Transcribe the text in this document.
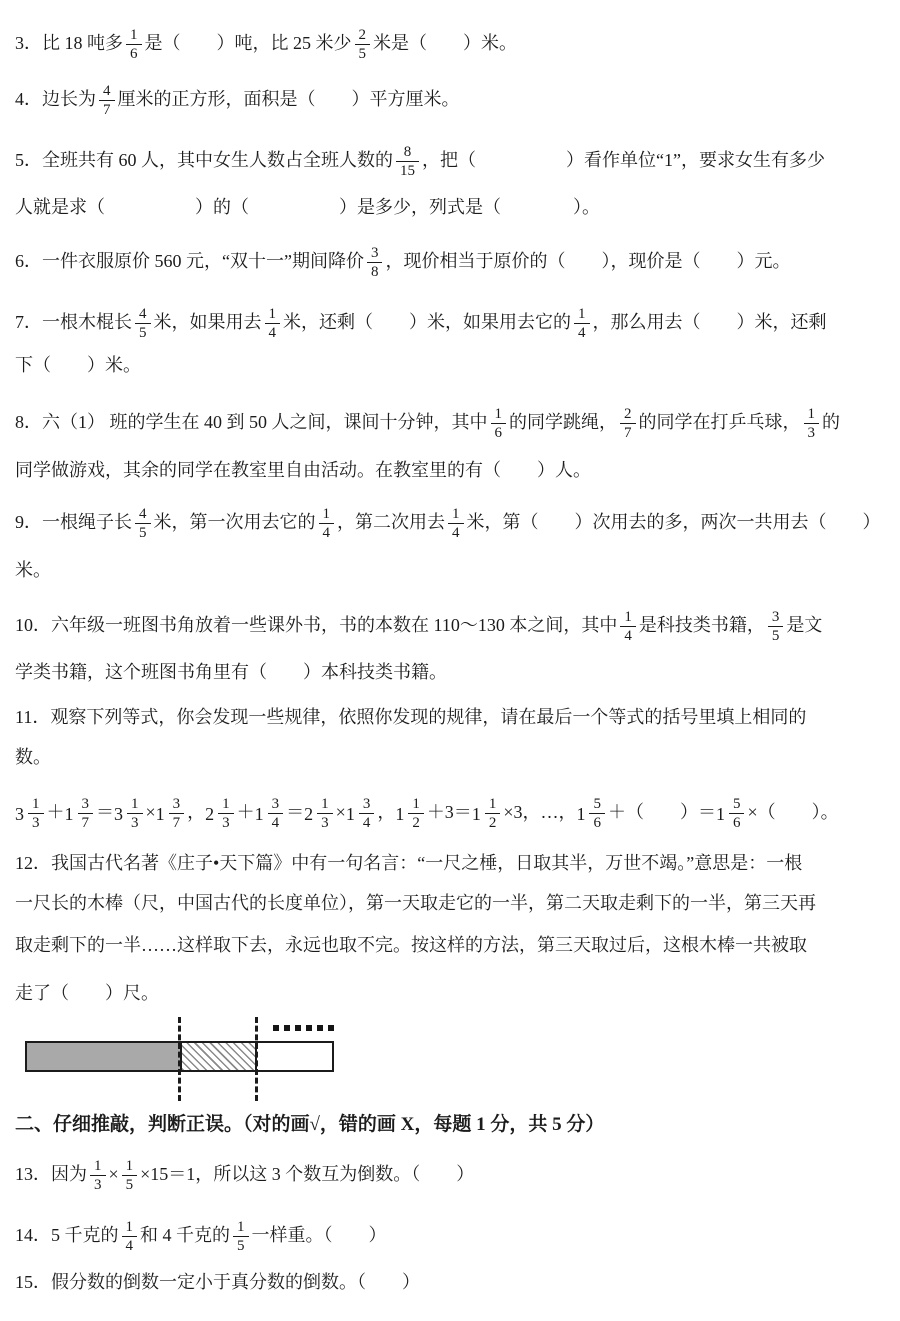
3．比 18 吨多 $\frac{1}{6}$ 是（　　）吨，比 25 米少 $\frac{2}{5}$ 米是（　　）米。
4．边长为 $\frac{4}{7}$ 厘米的正方形，面积是（　　）平方厘米。
5．全班共有 60 人，其中女生人数占全班人数的 $\frac{8}{15}$ ，把（　　　　　）看作单位“1”，要求女生有多少
人就是求（　　　　　）的（　　　　　）是多少，列式是（　　　　）。
6．一件衣服原价 560 元，“双十一”期间降价 $\frac{3}{8}$ ，现价相当于原价的（　　），现价是（　　）元。
7．一根木棍长 $\frac{4}{5}$ 米，如果用去 $\frac{1}{4}$ 米，还剩（　　）米，如果用去它的 $\frac{1}{4}$ ，那么用去（　　）米，还剩
下（　　）米。
8．六（1） 班的学生在 40 到 50 人之间，课间十分钟，其中 $\frac{1}{6}$ 的同学跳绳， $\frac{2}{7}$ 的同学在打乒乓球， $\frac{1}{3}$ 的
同学做游戏，其余的同学在教室里自由活动。在教室里的有（　　）人。
9．一根绳子长 $\frac{4}{5}$ 米，第一次用去它的 $\frac{1}{4}$ ，第二次用去 $\frac{1}{4}$ 米，第（　　）次用去的多，两次一共用去（　　）
米。
10．六年级一班图书角放着一些课外书，书的本数在 110～130 本之间，其中 $\frac{1}{4}$ 是科技类书籍， $\frac{3}{5}$ 是文
学类书籍，这个班图书角里有（　　）本科技类书籍。
11．观察下列等式，你会发现一些规律，依照你发现的规律，请在最后一个等式的括号里填上相同的
数。
$3 \frac{1}{3} +1 \frac{3}{7} =3 \frac{1}{3} \times 1 \frac{3}{7}$ ，$2 \frac{1}{3} +1 \frac{3}{4} =2 \frac{1}{3} \times 1 \frac{3}{4}$ ，$1 \frac{1}{2} +3=1 \frac{1}{2} \times 3$，…，$1 \frac{5}{6}$ ＋（　　）$=1 \frac{5}{6}$ ×（　　）。
12．我国古代名著《庄子•天下篇》中有一句名言：“一尺之棰，日取其半，万世不竭。”意思是：一根
一尺长的木棒（尺，中国古代的长度单位），第一天取走它的一半，第二天取走剩下的一半，第三天再
取走剩下的一半……这样取下去，永远也取不完。按这样的方法，第三天取过后，这根木棒一共被取
走了（　　）尺。
二、仔细推敲，判断正误。（对的画√，错的画 X，每题 1 分，共 5 分）
13．因为 $\frac{1}{3} \times \frac{1}{5} \times 15=1$，所以这 3 个数互为倒数。（　　）
14．5 千克的 $\frac{1}{4}$ 和 4 千克的 $\frac{1}{5}$ 一样重。（　　）
15．假分数的倒数一定小于真分数的倒数。（　　）
